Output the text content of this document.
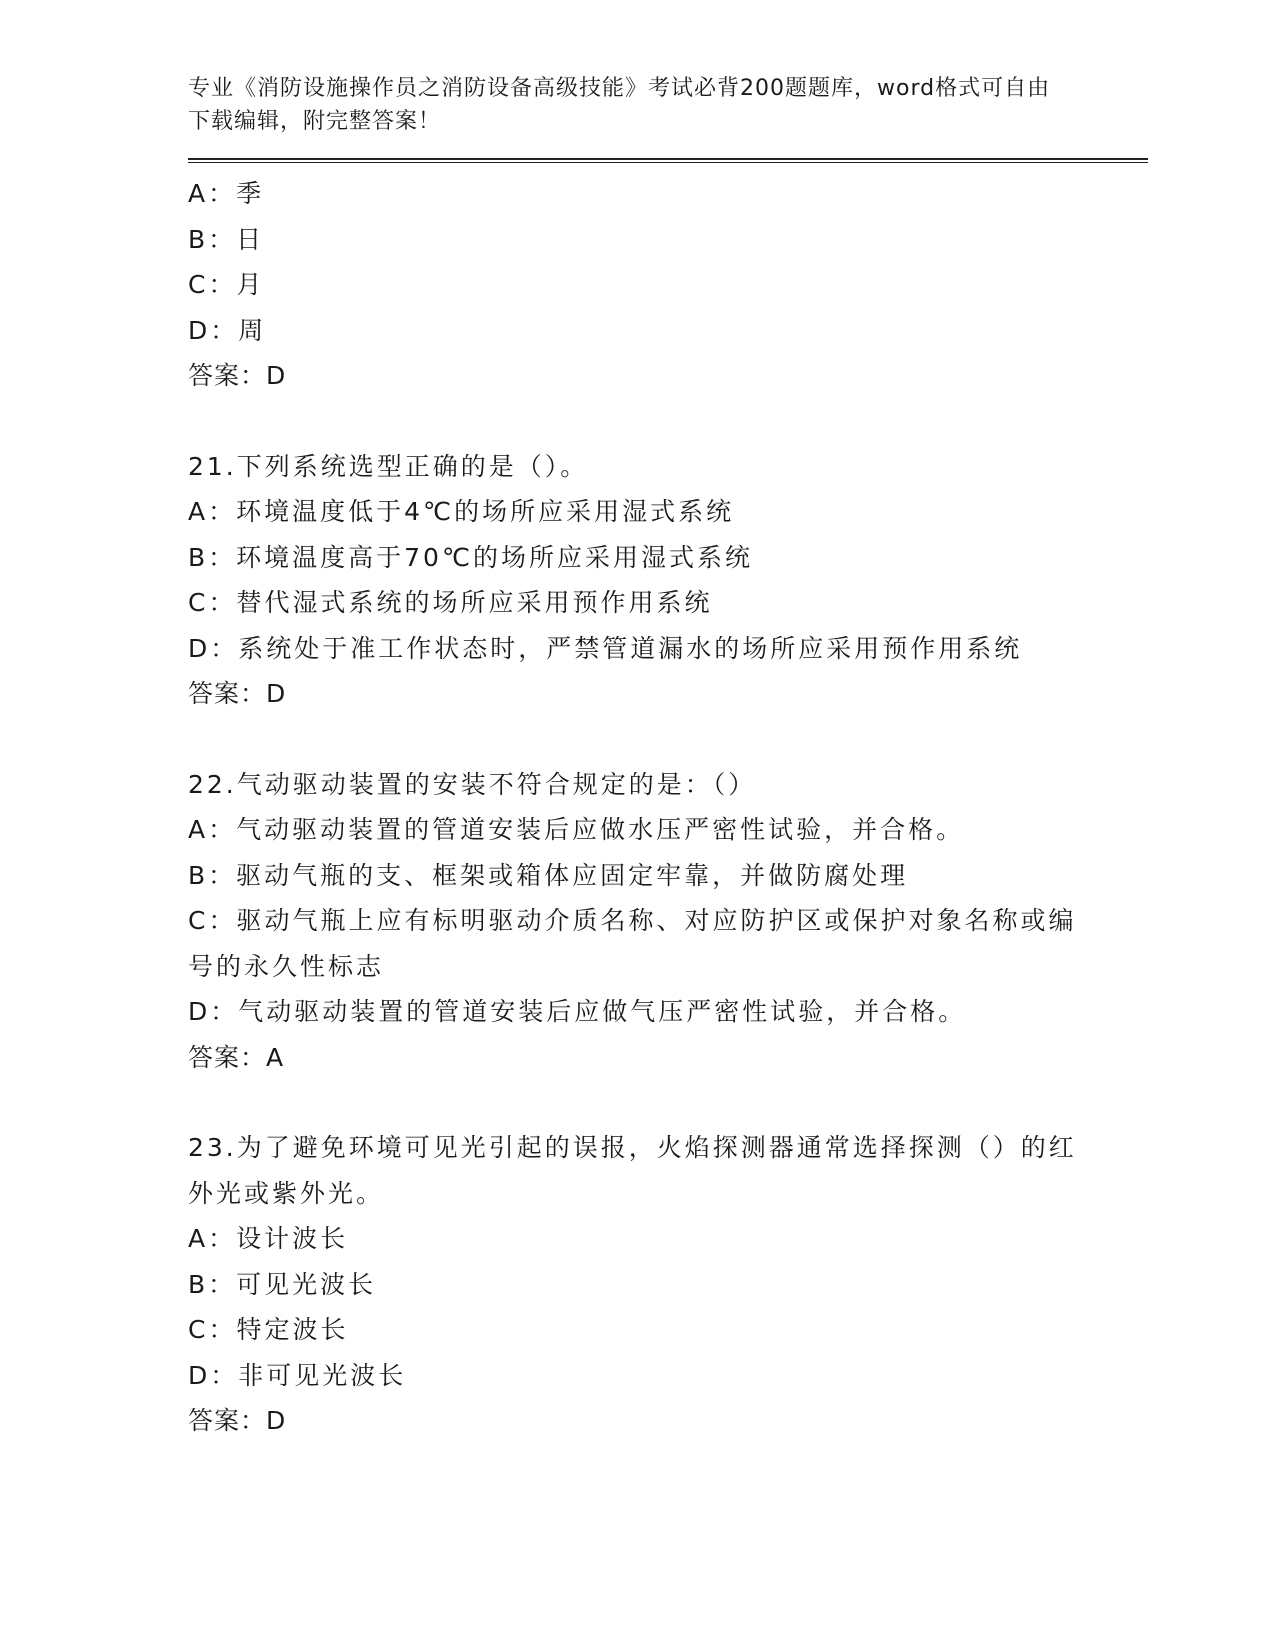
专业《消防设施操作员之消防设备高级技能》考试必背200题题库，word格式可自由下载编辑，附完整答案！
A：季
B：日
C：月
D：周
答案：D
21.下列系统选型正确的是（）。
A：环境温度低于4℃的场所应采用湿式系统
B：环境温度高于70℃的场所应采用湿式系统
C：替代湿式系统的场所应采用预作用系统
D：系统处于准工作状态时，严禁管道漏水的场所应采用预作用系统
答案：D
22.气动驱动装置的安装不符合规定的是：（）
A：气动驱动装置的管道安装后应做水压严密性试验，并合格。
B：驱动气瓶的支、框架或箱体应固定牢靠，并做防腐处理
C：驱动气瓶上应有标明驱动介质名称、对应防护区或保护对象名称或编号的永久性标志
D：气动驱动装置的管道安装后应做气压严密性试验，并合格。
答案：A
23.为了避免环境可见光引起的误报，火焰探测器通常选择探测（）的红外光或紫外光。
A：设计波长
B：可见光波长
C：特定波长
D：非可见光波长
答案：D
